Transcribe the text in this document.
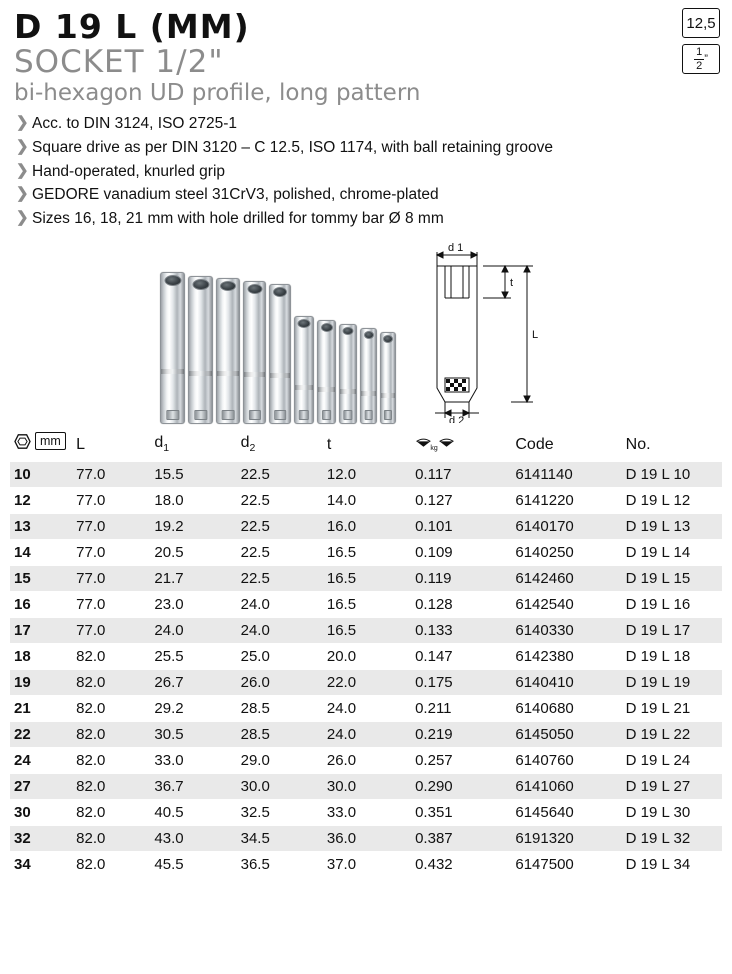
12,5
$\frac{1}{2}$ ”
D 19 L (MM)
SOCKET 1/2"
bi-hexagon UD profile, long pattern
❯ Acc. to DIN 3124, ISO 2725-1
❯ Square drive as per DIN 3120 – C 12.5, ISO 1174, with ball retaining groove
❯ Hand-operated, knurled grip
❯ GEDORE vanadium steel 31CrV3, polished, chrome-plated
❯ Sizes 16, 18, 21 mm with hole drilled for tommy bar Ø 8 mm
d 1
d 2
t
L
mm	L	$d_1$	$d_2$	t	kg	Code	No.
10	77.0	15.5	22.5	12.0	0.117	6141140	D 19 L 10
12	77.0	18.0	22.5	14.0	0.127	6141220	D 19 L 12
13	77.0	19.2	22.5	16.0	0.101	6140170	D 19 L 13
14	77.0	20.5	22.5	16.5	0.109	6140250	D 19 L 14
15	77.0	21.7	22.5	16.5	0.119	6142460	D 19 L 15
16	77.0	23.0	24.0	16.5	0.128	6142540	D 19 L 16
17	77.0	24.0	24.0	16.5	0.133	6140330	D 19 L 17
18	82.0	25.5	25.0	20.0	0.147	6142380	D 19 L 18
19	82.0	26.7	26.0	22.0	0.175	6140410	D 19 L 19
21	82.0	29.2	28.5	24.0	0.211	6140680	D 19 L 21
22	82.0	30.5	28.5	24.0	0.219	6145050	D 19 L 22
24	82.0	33.0	29.0	26.0	0.257	6140760	D 19 L 24
27	82.0	36.7	30.0	30.0	0.290	6141060	D 19 L 27
30	82.0	40.5	32.5	33.0	0.351	6145640	D 19 L 30
32	82.0	43.0	34.5	36.0	0.387	6191320	D 19 L 32
34	82.0	45.5	36.5	37.0	0.432	6147500	D 19 L 34
